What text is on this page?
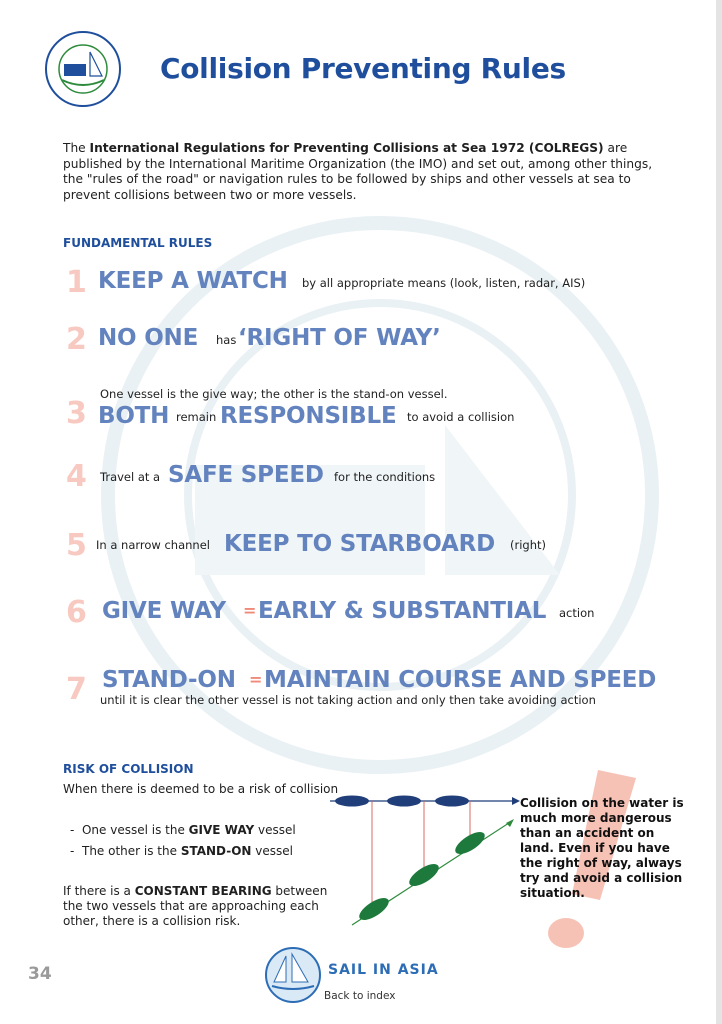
Collision Preventing Rules
The International Regulations for Preventing Collisions at Sea 1972 (COLREGS) are published by the International Maritime Organization (the IMO) and set out, among other things, the "rules of the road" or navigation rules to be followed by ships and other vessels at sea to prevent collisions between two or more vessels.
FUNDAMENTAL RULES
1 KEEP A WATCH by all appropriate means (look, listen, radar, AIS)
2 NO ONE has ‘RIGHT OF WAY’
One vessel is the give way; the other is the stand-on vessel.
3 BOTH remain RESPONSIBLE to avoid a collision
4 Travel at a SAFE SPEED for the conditions
5 In a narrow channel KEEP TO STARBOARD (right)
6 GIVE WAY = EARLY & SUBSTANTIAL action
7 STAND-ON = MAINTAIN COURSE AND SPEED
until it is clear the other vessel is not taking action and only then take avoiding action
RISK OF COLLISION
When there is deemed to be a risk of collision
- One vessel is the GIVE WAY vessel
- The other is the STAND-ON vessel
If there is a CONSTANT BEARING between the two vessels that are approaching each other, there is a collision risk.
Collision on the water is much more dangerous than an accident on land. Even if you have the right of way, always try and avoid a collision situation.
34	SAIL IN ASIA
Back to index
